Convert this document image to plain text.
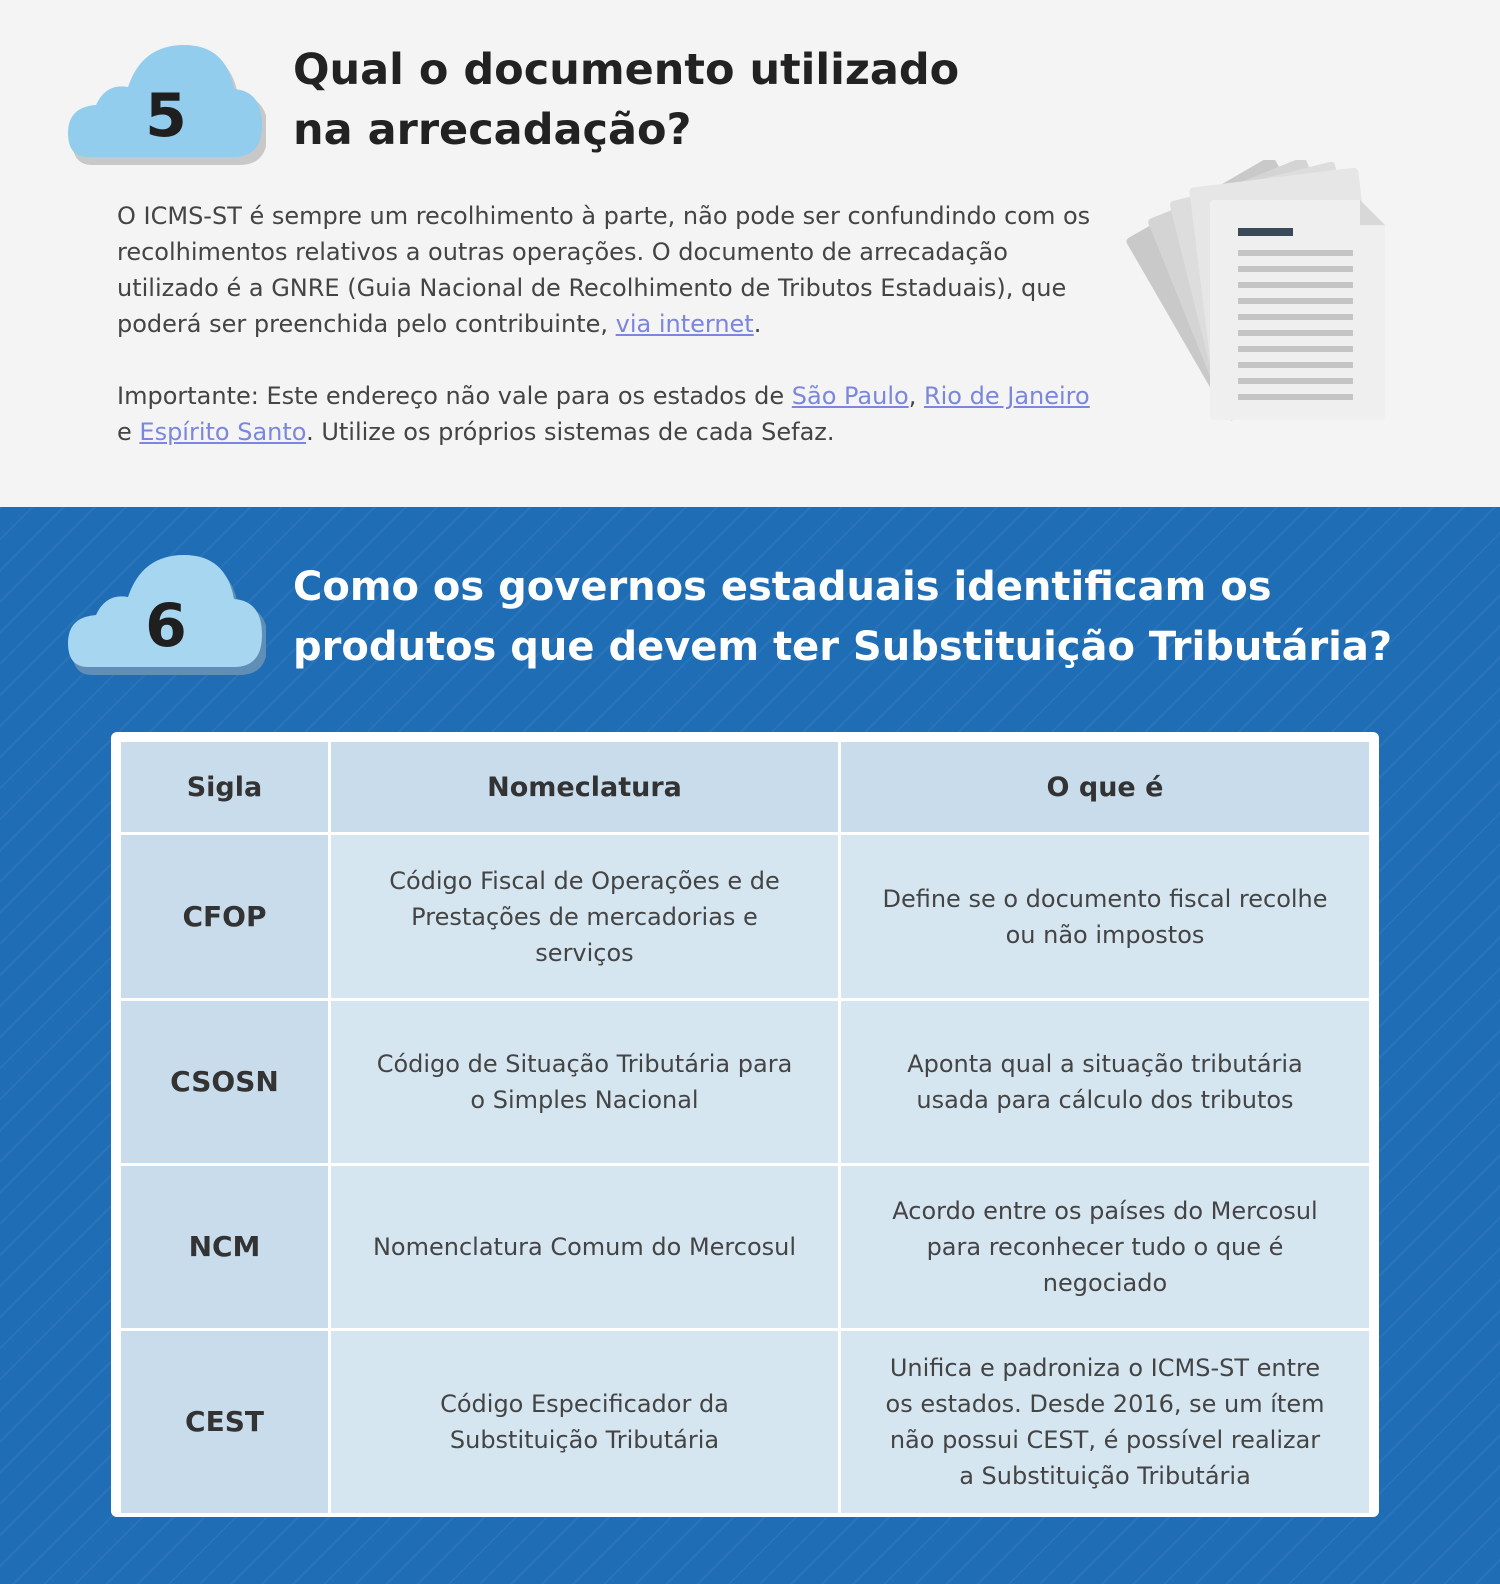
5
Qual o documento utilizado
na arrecadação?

O ICMS-ST é sempre um recolhimento à parte, não pode ser confundindo com os recolhimentos relativos a outras operações. O documento de arrecadação utilizado é a GNRE (Guia Nacional de Recolhimento de Tributos Estaduais), que poderá ser preenchida pelo contribuinte, via internet.

Importante: Este endereço não vale para os estados de São Paulo, Rio de Janeiro e Espírito Santo. Utilize os próprios sistemas de cada Sefaz.

6
Como os governos estaduais identificam os
produtos que devem ter Substituição Tributária?
Sigla	Nomeclatura	O que é
CFOP	Código Fiscal de Operações e de Prestações de mercadorias e serviços	Define se o documento fiscal recolhe ou não impostos
CSOSN	Código de Situação Tributária para o Simples Nacional	Aponta qual a situação tributária usada para cálculo dos tributos
NCM	Nomenclatura Comum do Mercosul	Acordo entre os países do Mercosul para reconhecer tudo o que é negociado
CEST	Código Especificador da Substituição Tributária	Unifica e padroniza o ICMS-ST entre os estados. Desde 2016, se um ítem não possui CEST, é possível realizar a Substituição Tributária
